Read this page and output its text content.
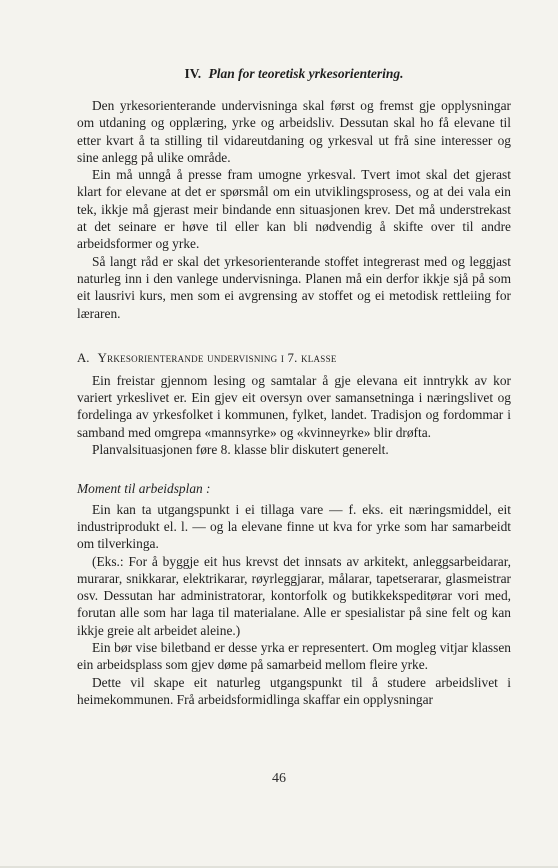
IV. Plan for teoretisk yrkesorientering.

Den yrkesorienterande undervisninga skal først og fremst gje opplysningar om utdaning og opplæring, yrke og arbeidsliv. Dessutan skal ho få elevane til etter kvart å ta stilling til vidareutdaning og yrkesval ut frå sine interesser og sine anlegg på ulike område.

Ein må unngå å presse fram umogne yrkesval. Tvert imot skal det gjerast klart for elevane at det er spørsmål om ein utviklingsprosess, og at dei vala ein tek, ikkje må gjerast meir bindande enn situasjonen krev. Det må understrekast at det seinare er høve til eller kan bli nødvendig å skifte over til andre arbeidsformer og yrke.

Så langt råd er skal det yrkesorienterande stoffet integrerast med og leggjast naturleg inn i den vanlege undervisninga. Planen må ein derfor ikkje sjå på som eit lausrivi kurs, men som ei avgrensing av stoffet og ei metodisk rettleiing for læraren.

A. Yrkesorienterande undervisning i 7. klasse

Ein freistar gjennom lesing og samtalar å gje elevana eit inntrykk av kor variert yrkeslivet er. Ein gjev eit oversyn over samansetninga i næringslivet og fordelinga av yrkesfolket i kommunen, fylket, landet. Tradisjon og fordommar i samband med omgrepa «mannsyrke» og «kvinneyrke» blir drøfta.

Planvalsituasjonen føre 8. klasse blir diskutert generelt.

Moment til arbeidsplan :

Ein kan ta utgangspunkt i ei tillaga vare — f. eks. eit næringsmiddel, eit industriprodukt el. l. — og la elevane finne ut kva for yrke som har samarbeidt om tilverkinga.

(Eks.: For å byggje eit hus krevst det innsats av arkitekt, anleggsarbeidarar, murarar, snikkarar, elektrikarar, røyrleggjarar, målarar, tapetserarar, glasmeistrar osv. Dessutan har administratorar, kontorfolk og butikkekspeditørar vori med, forutan alle som har laga til materialane. Alle er spesialistar på sine felt og kan ikkje greie alt arbeidet aleine.)

Ein bør vise biletband er desse yrka er representert. Om mogleg vitjar klassen ein arbeidsplass som gjev døme på samarbeid mellom fleire yrke.

Dette vil skape eit naturleg utgangspunkt til å studere arbeidslivet i heimekommunen. Frå arbeidsformidlinga skaffar ein opplysningar

46
